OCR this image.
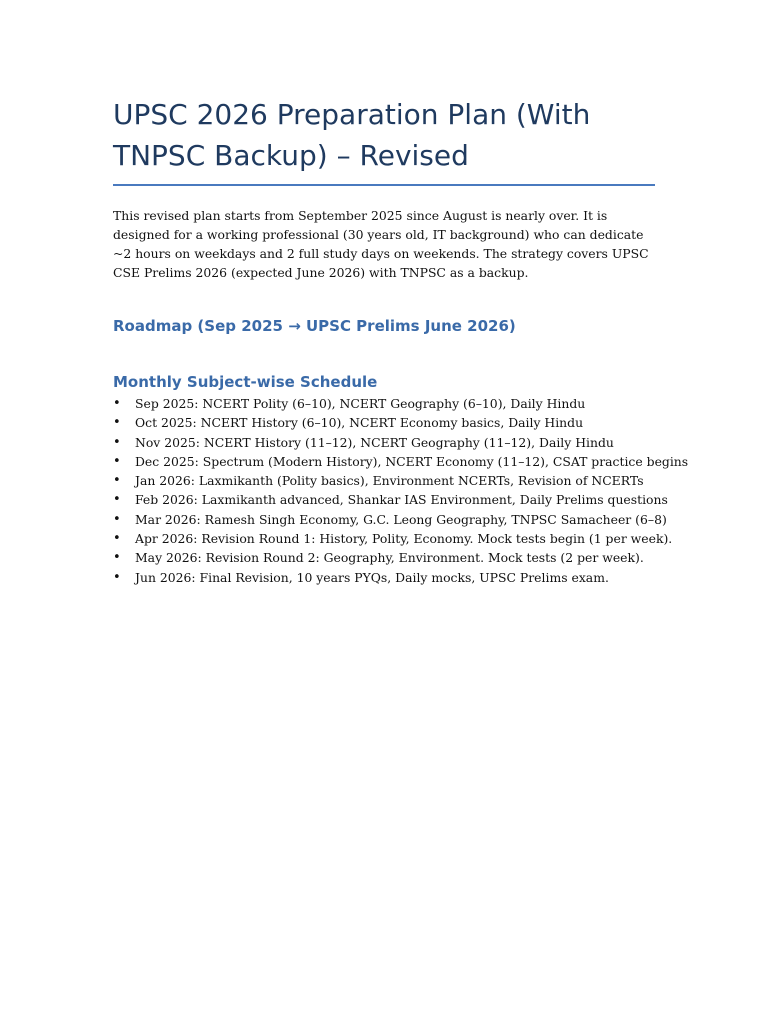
UPSC 2026 Preparation Plan (With TNPSC Backup) – Revised

This revised plan starts from September 2025 since August is nearly over. It is designed for a working professional (30 years old, IT background) who can dedicate ~2 hours on weekdays and 2 full study days on weekends. The strategy covers UPSC CSE Prelims 2026 (expected June 2026) with TNPSC as a backup.

Roadmap (Sep 2025 → UPSC Prelims June 2026)
Monthly Subject-wise Schedule
• Sep 2025: NCERT Polity (6–10), NCERT Geography (6–10), Daily Hindu
• Oct 2025: NCERT History (6–10), NCERT Economy basics, Daily Hindu
• Nov 2025: NCERT History (11–12), NCERT Geography (11–12), Daily Hindu
• Dec 2025: Spectrum (Modern History), NCERT Economy (11–12), CSAT practice begins
• Jan 2026: Laxmikanth (Polity basics), Environment NCERTs, Revision of NCERTs
• Feb 2026: Laxmikanth advanced, Shankar IAS Environment, Daily Prelims questions
• Mar 2026: Ramesh Singh Economy, G.C. Leong Geography, TNPSC Samacheer (6–8)
• Apr 2026: Revision Round 1: History, Polity, Economy. Mock tests begin (1 per week).
• May 2026: Revision Round 2: Geography, Environment. Mock tests (2 per week).
• Jun 2026: Final Revision, 10 years PYQs, Daily mocks, UPSC Prelims exam.
